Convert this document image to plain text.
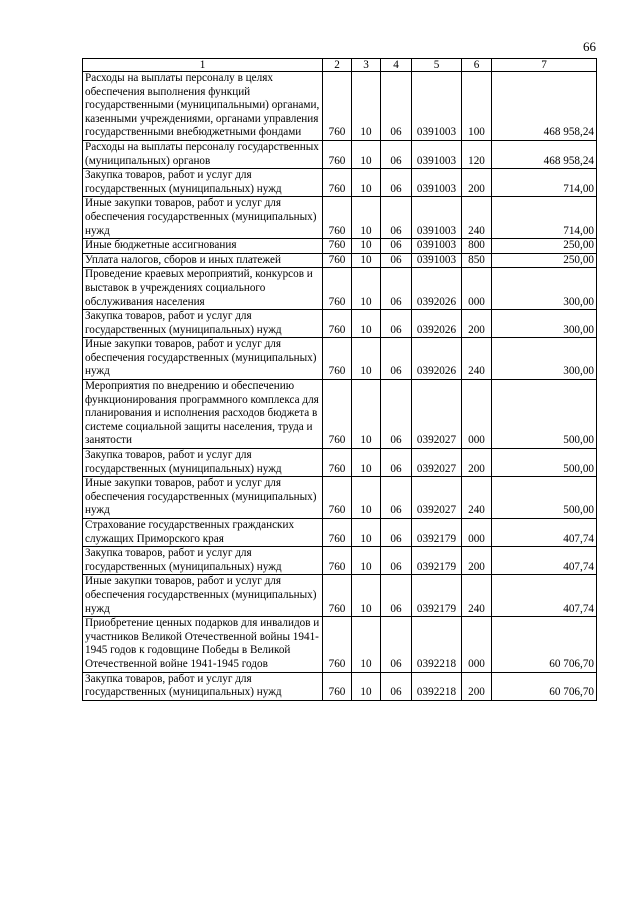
66
1	2	3	4	5	6	7
Расходы на выплаты персоналу в целях обеспечения выполнения функций государственными (муниципальными) органами, казенными учреждениями, органами управления государственными внебюджетными фондами	760	10	06	0391003	100	468 958,24
Расходы на выплаты персоналу государственных (муниципальных) органов	760	10	06	0391003	120	468 958,24
Закупка товаров, работ и услуг для государственных (муниципальных) нужд	760	10	06	0391003	200	714,00
Иные закупки товаров, работ и услуг для обеспечения государственных (муниципальных) нужд	760	10	06	0391003	240	714,00
Иные бюджетные ассигнования	760	10	06	0391003	800	250,00
Уплата налогов, сборов и иных платежей	760	10	06	0391003	850	250,00
Проведение краевых мероприятий, конкурсов и выставок в учреждениях социального обслуживания населения	760	10	06	0392026	000	300,00
Закупка товаров, работ и услуг для государственных (муниципальных) нужд	760	10	06	0392026	200	300,00
Иные закупки товаров, работ и услуг для обеспечения государственных (муниципальных) нужд	760	10	06	0392026	240	300,00
Мероприятия по внедрению и обеспечению функционирования программного комплекса для планирования и исполнения расходов бюджета в системе социальной защиты населения, труда и занятости	760	10	06	0392027	000	500,00
Закупка товаров, работ и услуг для государственных (муниципальных) нужд	760	10	06	0392027	200	500,00
Иные закупки товаров, работ и услуг для обеспечения государственных (муниципальных) нужд	760	10	06	0392027	240	500,00
Страхование государственных гражданских служащих Приморского края	760	10	06	0392179	000	407,74
Закупка товаров, работ и услуг для государственных (муниципальных) нужд	760	10	06	0392179	200	407,74
Иные закупки товаров, работ и услуг для обеспечения государственных (муниципальных) нужд	760	10	06	0392179	240	407,74
Приобретение ценных подарков для инвалидов и участников Великой Отечественной войны 1941-1945 годов к годовщине Победы в Великой Отечественной войне 1941-1945 годов	760	10	06	0392218	000	60 706,70
Закупка товаров, работ и услуг для государственных (муниципальных) нужд	760	10	06	0392218	200	60 706,70
